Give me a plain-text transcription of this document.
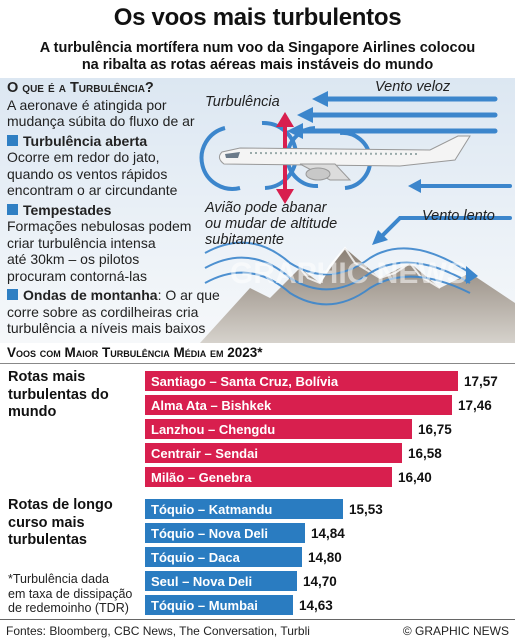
Os voos mais turbulentos
A turbulência mortífera num voo da Singapore Airlines colocou
na ribalta as rotas aéreas mais instáveis do mundo
GRAPHIC NEWS
O que é a Turbulência?
A aeronave é atingida por
mudança súbita do fluxo de ar
Turbulência aberta
Ocorre em redor do jato,
quando os ventos rápidos
encontram o ar circundante
Tempestades
Formações nebulosas podem
criar turbulência intensa
até 30km – os pilotos
procuram contorná-las
Ondas de montanha: O ar que
corre sobre as cordilheiras cria
turbulência a níveis mais baixos
Vento veloz
Turbulência
Vento lento
Avião pode abanar
ou mudar de altitude
subitamente
Voos com Maior Turbulência Média em 2023*
Rotas mais
turbulentas do
mundo
Rotas de longo
curso mais
turbulentas
Santiago – Santa Cruz, Bolívia	17,57
Alma Ata – Bishkek	17,46
Lanzhou – Chengdu	16,75
Centrair – Sendai	16,58
Milão – Genebra	16,40
Tóquio – Katmandu	15,53
Tóquio – Nova Deli	14,84
Tóquio – Daca	14,80
Seul – Nova Deli	14,70
Tóquio – Mumbai	14,63
*Turbulência dada
em taxa de dissipação
de redemoinho (TDR)
Fontes: Bloomberg, CBC News, The Conversation, Turbli	© GRAPHIC NEWS
